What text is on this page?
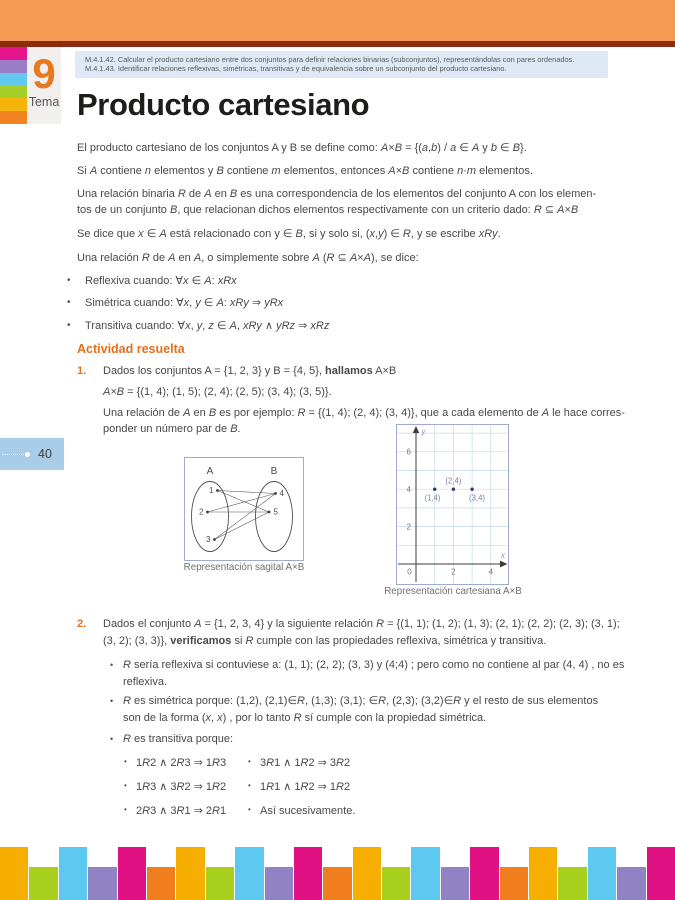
9
Tema
M.4.1.42. Calcular el producto cartesiano entre dos conjuntos para definir relaciones binarias (subconjuntos), representándolas con pares ordenados.
M.4.1.43. Identificar relaciones reflexivas, simétricas, transitivas y de equivalencia sobre un subconjunto del producto cartesiano.
Producto cartesiano

El producto cartesiano de los conjuntos A y B se define como: A×B = {(a,b) / a ∈ A y b ∈ B}.

Si A contiene n elementos y B contiene m elementos, entonces A×B contiene n·m elementos.

Una relación binaria R de A en B es una correspondencia de los elementos del conjunto A con los elemen-
tos de un conjunto B, que relacionan dichos elementos respectivamente con un criterio dado: R ⊆ A×B

Se dice que x ∈ A está relacionado con y ∈ B, si y solo si, (x,y) ∈ R, y se escribe xRy.

Una relación R de A en A, o simplemente sobre A (R ⊆ A×A), se dice:

• Reflexiva cuando: ∀x ∈ A: xRx
• Simétrica cuando: ∀x, y ∈ A: xRy ⇒ yRx
• Transitiva cuando: ∀x, y, z ∈ A, xRy ∧ yRz ⇒ xRz
Actividad resuelta
1. Dados los conjuntos A = {1, 2, 3} y B = {4, 5}, hallamos A×B
A×B = {(1, 4); (1, 5); (2, 4); (2, 5); (3, 4); (3, 5)}.
Una relación de A en B es por ejemplo: R = {(1, 4); (2, 4); (3, 4)}, que a cada elemento de A le hace corres-
ponder un número par de B.
A	B
1
2
3
4
5
Representación sagital A×B
6
4
2
0	2	4
y
x
(1,4)
(2,4)
(3,4)
Representación cartesiana A×B
2. Dados el conjunto A = {1, 2, 3, 4} y la siguiente relación R = {(1, 1); (1, 2); (1, 3); (2, 1); (2, 2); (2, 3); (3, 1);
(3, 2); (3, 3)}, verificamos si R cumple con las propiedades reflexiva, simétrica y transitiva.
• R sería reflexiva si contuviese a: (1, 1); (2, 2); (3, 3) y (4;4) ; pero como no contiene al par (4, 4) , no es
reflexiva.
• R es simétrica porque: (1,2), (2,1)∈R, (1,3); (3,1); ∈R, (2,3); (3,2)∈R y el resto de sus elementos
son de la forma (x, x) , por lo tanto R sí cumple con la propiedad simétrica.
• R es transitiva porque:
• 1R2 ∧ 2R3 ⇒ 1R3
• 1R3 ∧ 3R2 ⇒ 1R2
• 2R3 ∧ 3R1 ⇒ 2R1
• 3R1 ∧ 1R2 ⇒ 3R2
• 1R1 ∧ 1R2 ⇒ 1R2
• Así sucesivamente.
40
